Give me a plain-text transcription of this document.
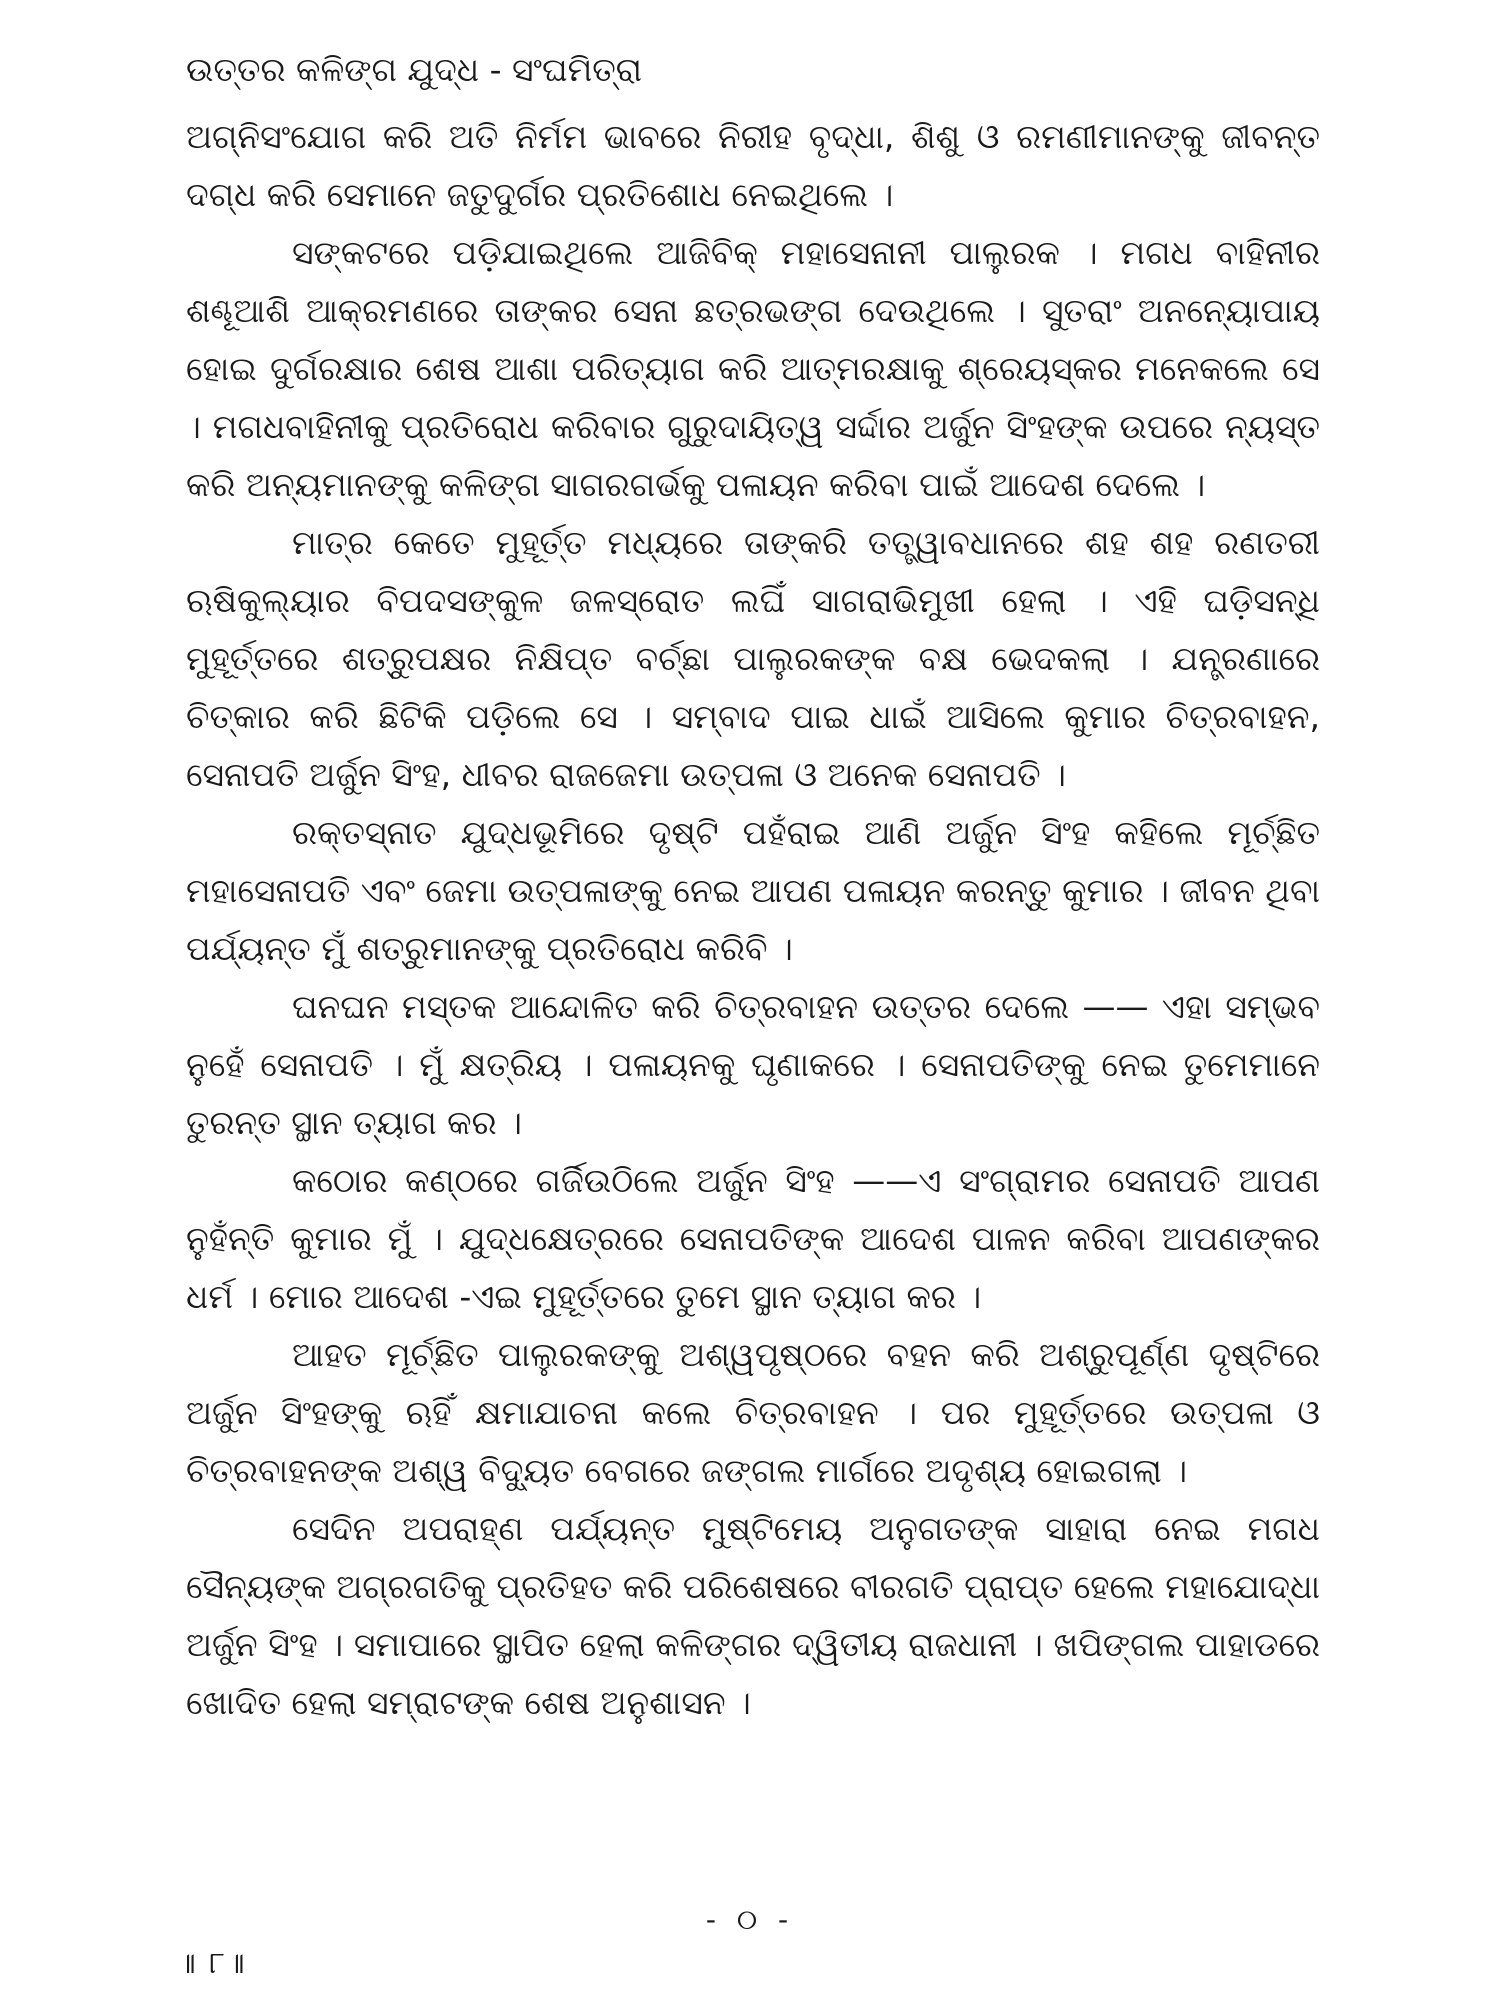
ଉତ୍ତର କଳିଙ୍ଗ ଯୁଦ୍ଧ - ସଂଘମିତ୍ରା

ଅଗ୍ନିସଂଯୋଗ କରି ଅତି ନିର୍ମମ ଭାବରେ ନିରୀହ ବୃଦ୍ଧା, ଶିଶୁ ଓ ରମଣୀମାନଙ୍କୁ ଜୀବନ୍ତ ଦଗ୍ଧ କରି ସେମାନେ ଜତୁଦୁର୍ଗର ପ୍ରତିଶୋଧ ନେଇଥିଲେ ।

ସଙ୍କଟରେ ପଡ଼ିଯାଇଥିଲେ ଆଜିବିକ୍ ମହାସେନାନୀ ପାଲୁରକ । ମଗଧ ବାହିନୀର ଶଣ୍ଢୂଆଶି ଆକ୍ରମଣରେ ତାଙ୍କର ସେନା ଛତ୍ରଭଙ୍ଗ ଦେଉଥିଲେ । ସୁତରାଂ ଅନନ୍ୟୋପାୟ ହୋଇ ଦୁର୍ଗରକ୍ଷାର ଶେଷ ଆଶା ପରିତ୍ୟାଗ କରି ଆତ୍ମରକ୍ଷାକୁ ଶ୍ରେୟସ୍କର ମନେକଲେ ସେ । ମଗଧବାହିନୀକୁ ପ୍ରତିରୋଧ କରିବାର ଗୁରୁଦାୟିତ୍ୱ ସର୍ଦ୍ଦାର ଅର୍ଜୁନ ସିଂହଙ୍କ ଉପରେ ନ୍ୟସ୍ତ କରି ଅନ୍ୟମାନଙ୍କୁ କଳିଙ୍ଗ ସାଗରଗର୍ଭକୁ ପଳାୟନ କରିବା ପାଇଁ ଆଦେଶ ଦେଲେ ।

ମାତ୍ର କେତେ ମୁହୂର୍ତ୍ତ ମଧ୍ୟରେ ତାଙ୍କରି ତତ୍ତ୍ୱାବଧାନରେ ଶହ ଶହ ରଣତରୀ ଋଷିକୁଲ୍ୟାର ବିପଦସଙ୍କୁଳ ଜଳସ୍ରୋତ ଲଘିଁ ସାଗରାଭିମୁଖୀ ହେଲା । ଏହି ଘଡ଼ିସନ୍ଧି ମୁହୂର୍ତ୍ତରେ ଶତ୍ରୁପକ୍ଷର ନିକ୍ଷିପ୍ତ ବର୍ଚ୍ଛା ପାଲୁରକଙ୍କ ବକ୍ଷ ଭେଦକଲା । ଯନ୍ତ୍ରଣାରେ ଚିତ୍କାର କରି ଛିଟିକି ପଡ଼ିଲେ ସେ । ସମ୍ବାଦ ପାଇ ଧାଇଁ ଆସିଲେ କୁମାର ଚିତ୍ରବାହନ, ସେନାପତି ଅର୍ଜୁନ ସିଂହ, ଧୀବର ରାଜଜେମା ଉତ୍ପଳା ଓ ଅନେକ ସେନାପତି ।

ରକ୍ତସ୍ନାତ ଯୁଦ୍ଧଭୂମିରେ ଦୃଷ୍ଟି ପହଁରାଇ ଆଣି ଅର୍ଜୁନ ସିଂହ କହିଲେ ମୂର୍ଚ୍ଛିତ ମହାସେନାପତି ଏବଂ ଜେମା ଉତ୍ପଳାଙ୍କୁ ନେଇ ଆପଣ ପଳାୟନ କରନ୍ତୁ କୁମାର । ଜୀବନ ଥିବା ପର୍ଯ୍ୟନ୍ତ ମୁଁ ଶତ୍ରୁମାନଙ୍କୁ ପ୍ରତିରୋଧ କରିବି ।

ଘନଘନ ମସ୍ତକ ଆନ୍ଦୋଳିତ କରି ଚିତ୍ରବାହନ ଉତ୍ତର ଦେଲେ —— ଏହା ସମ୍ଭବ ନୁହେଁ ସେନାପତି । ମୁଁ କ୍ଷତ୍ରିୟ । ପଳାୟନକୁ ଘୃଣାକରେ । ସେନାପତିଙ୍କୁ ନେଇ ତୁମେମାନେ ତୁରନ୍ତ ସ୍ଥାନ ତ୍ୟାଗ କର ।

କଠୋର କଣ୍ଠରେ ଗର୍ଜିଉଠିଲେ ଅର୍ଜୁନ ସିଂହ ——ଏ ସଂଗ୍ରାମର ସେନାପତି ଆପଣ ନୁହଁନ୍ତି କୁମାର ମୁଁ । ଯୁଦ୍ଧକ୍ଷେତ୍ରରେ ସେନାପତିଙ୍କ ଆଦେଶ ପାଳନ କରିବା ଆପଣଙ୍କର ଧର୍ମ । ମୋର ଆଦେଶ -ଏଇ ମୁହୂର୍ତ୍ତରେ ତୁମେ ସ୍ଥାନ ତ୍ୟାଗ କର ।

ଆହତ ମୂର୍ଚ୍ଛିତ ପାଲୁରକଙ୍କୁ ଅଶ୍ୱପୃଷ୍ଠରେ ବହନ କରି ଅଶ୍ରୁପୂର୍ଣ୍ଣ ଦୃଷ୍ଟିରେ ଅର୍ଜୁନ ସିଂହଙ୍କୁ ଋହିଁ କ୍ଷମାଯାଚନା କଲେ ଚିତ୍ରବାହନ । ପର ମୁହୂର୍ତ୍ତରେ ଉତ୍ପଳା ଓ ଚିତ୍ରବାହନଙ୍କ ଅଶ୍ୱ ବିଦ୍ୟୁତ ବେଗରେ ଜଙ୍ଗଲ ମାର୍ଗରେ ଅଦୃଶ୍ୟ ହୋଇଗଲା ।

ସେଦିନ ଅପରାହ୍ଣ ପର୍ଯ୍ୟନ୍ତ ମୁଷ୍ଟିମେୟ ଅନୁଗତଙ୍କ ସାହାରା ନେଇ ମଗଧ ସୈନ୍ୟଙ୍କ ଅଗ୍ରଗତିକୁ ପ୍ରତିହତ କରି ପରିଶେଷରେ ବୀରଗତି ପ୍ରାପ୍ତ ହେଲେ ମହାଯୋଦ୍ଧା ଅର୍ଜୁନ ସିଂହ । ସମାପାରେ ସ୍ଥାପିତ ହେଲା କଳିଙ୍ଗର ଦ୍ୱିତୀୟ ରାଜଧାନୀ । ଖପିଙ୍ଗଲ ପାହାଡରେ ଖୋଦିତ ହେଲା ସମ୍ରାଟଙ୍କ ଶେଷ ଅନୁଶାସନ ।

- ୦ -
॥ ୮॥
